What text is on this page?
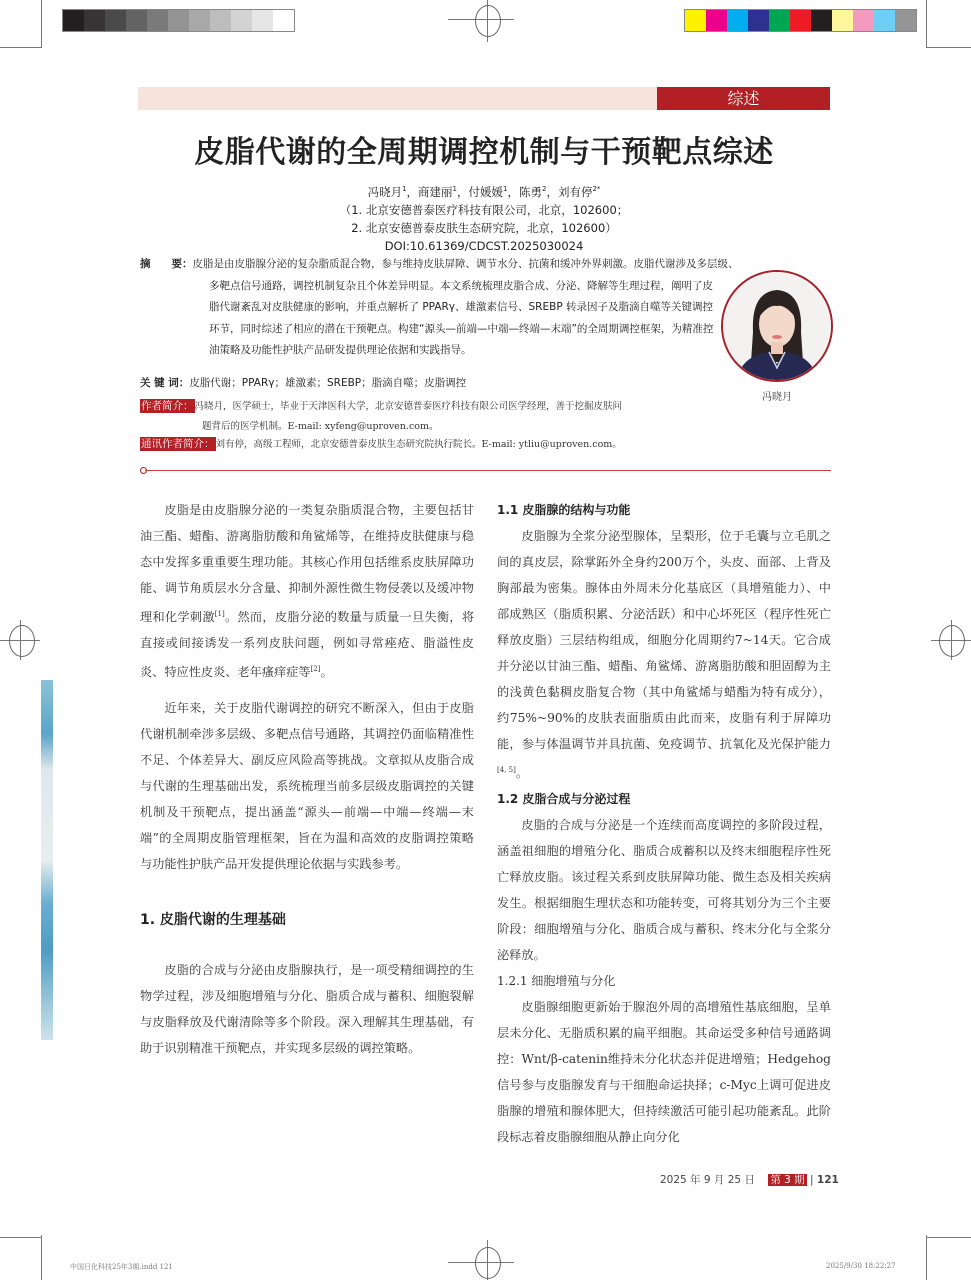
综述
皮脂代谢的全周期调控机制与干预靶点综述
冯晓月$^1$，商建丽$^1$，付媛媛$^1$，陈勇$^2$，刘有停$^{2*}$
（1. 北京安德普泰医疗科技有限公司，北京，102600；
2. 北京安德普泰皮肤生态研究院，北京，102600）
DOI:10.61369/CDCST.2025030024
摘　　要：皮脂是由皮脂腺分泌的复杂脂质混合物，参与维持皮肤屏障、调节水分、抗菌和缓冲外界刺激。皮脂代谢涉及多层级、
多靶点信号通路，调控机制复杂且个体差异明显。本文系统梳理皮脂合成、分泌、降解等生理过程，阐明了皮脂代谢紊乱对皮肤健康的影响，并重点解析了 PPARγ、雄激素信号、SREBP 转录因子及脂滴自噬等关键调控环节，同时综述了相应的潜在干预靶点。构建“源头—前端—中端—终端—末端”的全周期调控框架，为精准控油策略及功能性护肤产品研发提供理论依据和实践指导。
冯晓月
关 键 词：皮脂代谢；PPARγ；雄激素；SREBP；脂滴自噬；皮脂调控
作者简介：冯晓月，医学硕士，毕业于天津医科大学，北京安德普泰医疗科技有限公司医学经理，善于挖掘皮肤问
题背后的医学机制。E-mail: xyfeng@uproven.com。
通讯作者简介：刘有停，高级工程师，北京安德普泰皮肤生态研究院执行院长。E-mail: ytliu@uproven.com。

皮脂是由皮脂腺分泌的一类复杂脂质混合物，主要包括甘油三酯、蜡酯、游离脂肪酸和角鲨烯等，在维持皮肤健康与稳态中发挥多重重要生理功能。其核心作用包括维系皮肤屏障功能、调节角质层水分含量、抑制外源性微生物侵袭以及缓冲物理和化学刺激[1]。然而，皮脂分泌的数量与质量一旦失衡，将直接或间接诱发一系列皮肤问题，例如寻常痤疮、脂溢性皮炎、特应性皮炎、老年瘙痒症等[2]。

近年来，关于皮脂代谢调控的研究不断深入，但由于皮脂代谢机制牵涉多层级、多靶点信号通路，其调控仍面临精准性不足、个体差异大、副反应风险高等挑战。文章拟从皮脂合成与代谢的生理基础出发，系统梳理当前多层级皮脂调控的关键机制及干预靶点，提出涵盖“源头—前端—中端—终端—末端”的全周期皮脂管理框架，旨在为温和高效的皮脂调控策略与功能性护肤产品开发提供理论依据与实践参考。

1. 皮脂代谢的生理基础

皮脂的合成与分泌由皮脂腺执行，是一项受精细调控的生物学过程，涉及细胞增殖与分化、脂质合成与蓄积、细胞裂解与皮脂释放及代谢清除等多个阶段。深入理解其生理基础，有助于识别精准干预靶点，并实现多层级的调控策略。

1.1 皮脂腺的结构与功能

皮脂腺为全浆分泌型腺体，呈梨形，位于毛囊与立毛肌之间的真皮层，除掌跖外全身约200万个，头皮、面部、上背及胸部最为密集。腺体由外周未分化基底区（具增殖能力）、中部成熟区（脂质积累、分泌活跃）和中心坏死区（程序性死亡释放皮脂）三层结构组成，细胞分化周期约7~14天。它合成并分泌以甘油三酯、蜡酯、角鲨烯、游离脂肪酸和胆固醇为主的浅黄色黏稠皮脂复合物（其中角鲨烯与蜡酯为特有成分），约75%~90%的皮肤表面脂质由此而来，皮脂有利于屏障功能，参与体温调节并具抗菌、免疫调节、抗氧化及光保护能力[4, 5]。

1.2 皮脂合成与分泌过程

皮脂的合成与分泌是一个连续而高度调控的多阶段过程，涵盖祖细胞的增殖分化、脂质合成蓄积以及终末细胞程序性死亡释放皮脂。该过程关系到皮肤屏障功能、微生态及相关疾病发生。根据细胞生理状态和功能转变，可将其划分为三个主要阶段：细胞增殖与分化、脂质合成与蓄积、终末分化与全浆分泌释放。

1.2.1 细胞增殖与分化

皮脂腺细胞更新始于腺泡外周的高增殖性基底细胞，呈单层未分化、无脂质积累的扁平细胞。其命运受多种信号通路调控：Wnt/β-catenin维持未分化状态并促进增殖；Hedgehog信号参与皮脂腺发育与干细胞命运抉择；c-Myc上调可促进皮脂腺的增殖和腺体肥大，但持续激活可能引起功能紊乱。此阶段标志着皮脂腺细胞从静止向分化

2025 年 9 月 25 日 第 3 期 | 121
中国日化科技25年3期.indd 121	2025/9/30 18:22:27
